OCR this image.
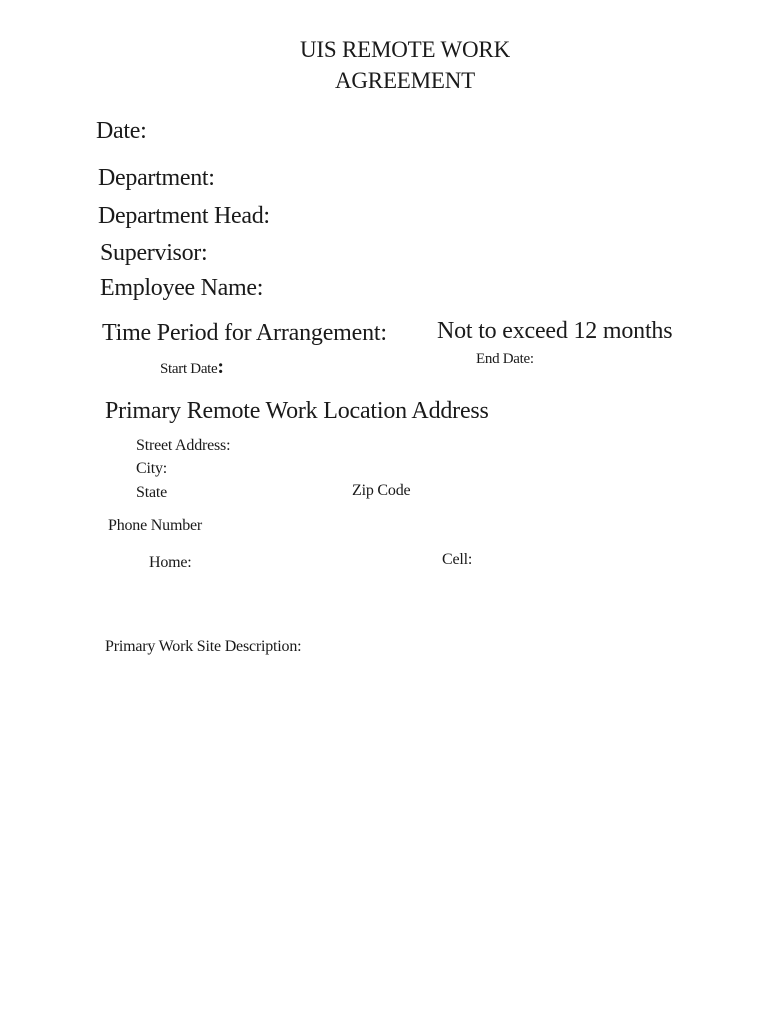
UIS REMOTE WORK
AGREEMENT
Date:
Department:
Department Head:
Supervisor:
Employee Name:
Time Period for Arrangement: Not to exceed 12 months
Start Date:	End Date:
Primary Remote Work Location Address
Street Address:
City:
State	Zip Code
Phone Number
Home:	Cell:
Primary Work Site Description:
